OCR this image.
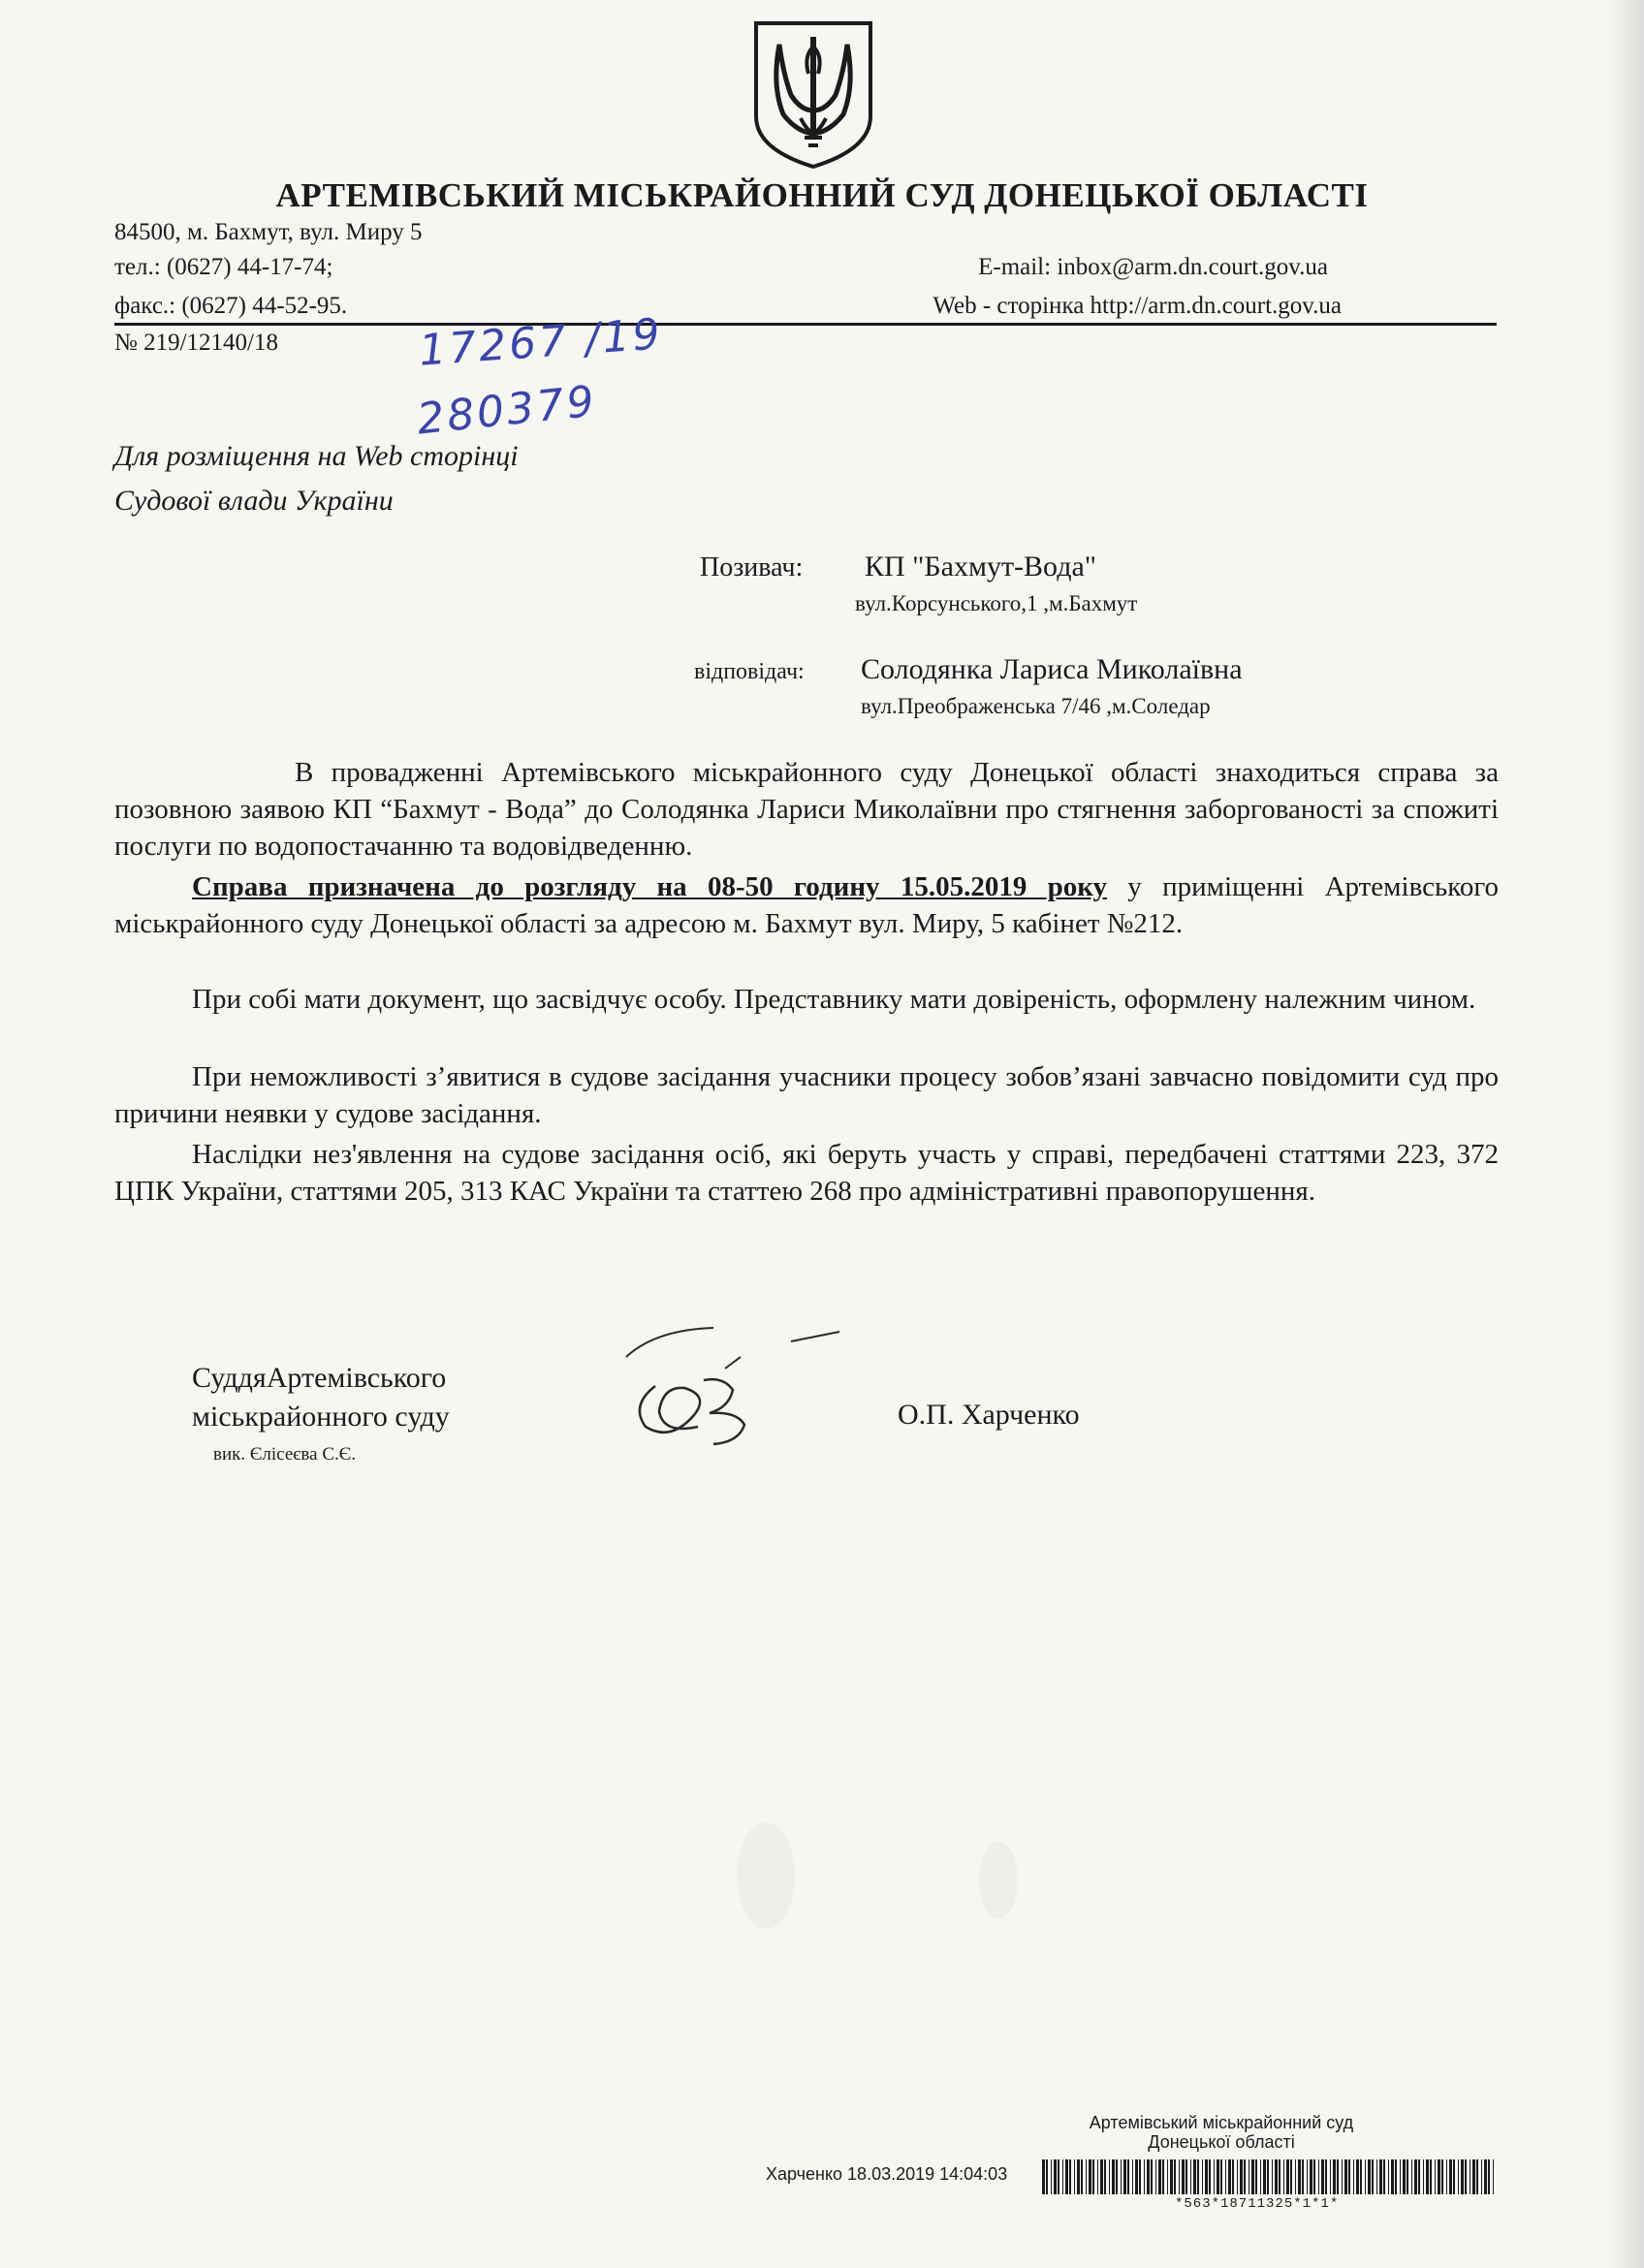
АРТЕМІВСЬКИЙ МІСЬКРАЙОННИЙ СУД ДОНЕЦЬКОЇ ОБЛАСТІ
84500, м. Бахмут, вул. Миру 5
тел.: (0627) 44-17-74;
факс.: (0627) 44-52-95.
E-mail: inbox@arm.dn.court.gov.ua
Web - сторінка http://arm.dn.court.gov.ua
№ 219/12140/18	17267 /19
280379
Для розміщення на Web сторінці
Судової влади України
Позивач: КП "Бахмут-Вода"
вул.Корсунського,1 ,м.Бахмут
відповідач: Солодянка Лариса Миколаївна
вул.Преображенська 7/46 ,м.Соледар
В провадженні Артемівського міськрайонного суду Донецької області знаходиться справа за позовною заявою КП “Бахмут - Вода” до Солодянка Лариси Миколаївни про стягнення заборгованості за спожиті послуги по водопостачанню та водовідведенню.
Справа призначена до розгляду на 08-50 годину 15.05.2019 року у приміщенні Артемівського міськрайонного суду Донецької області за адресою м. Бахмут вул. Миру, 5 кабінет №212.
При собі мати документ, що засвідчує особу. Представнику мати довіреність, оформлену належним чином.
При неможливості з’явитися в судове засідання учасники процесу зобов’язані завчасно повідомити суд про причини неявки у судове засідання.
Наслідки нез'явлення на судове засідання осіб, які беруть участь у справі, передбачені статтями 223, 372 ЦПК України, статтями 205, 313 КАС України та статтею 268 про адміністративні правопорушення.
СуддяАртемівського
міськрайонного суду
вик. Єлісеєва С.Є.
О.П. Харченко
Артемівський міськрайонний суд
Донецької області
Харченко 18.03.2019 14:04:03
*563*18711325*1*1*
